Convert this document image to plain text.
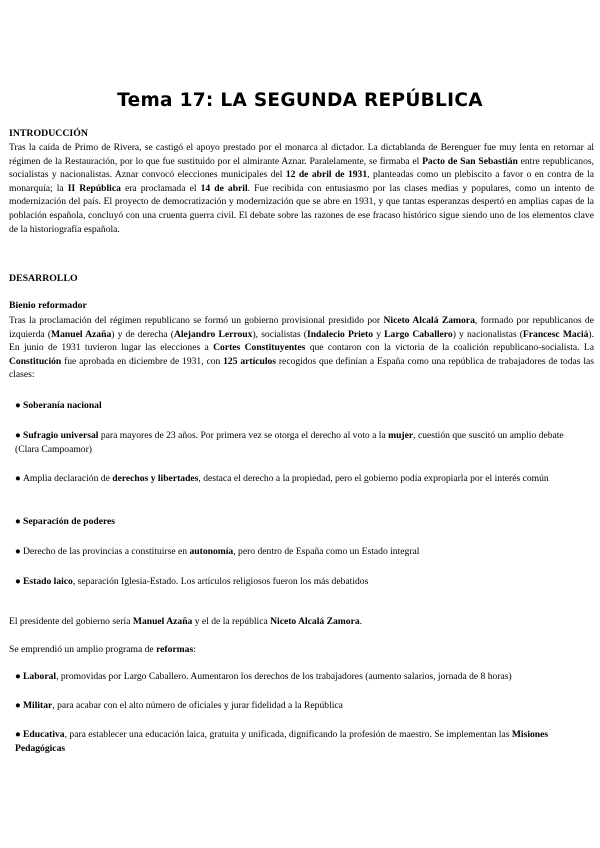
Tema 17: LA SEGUNDA REPÚBLICA
INTRODUCCIÓN

Tras la caída de Primo de Rivera, se castigó el apoyo prestado por el monarca al dictador. La dictablanda de Berenguer fue muy lenta en retornar al régimen de la Restauración, por lo que fue sustituido por el almirante Aznar. Paralelamente, se firmaba el Pacto de San Sebastián entre republicanos, socialistas y nacionalistas. Aznar convocó elecciones municipales del 12 de abril de 1931, planteadas como un plebiscito a favor o en contra de la monarquía; la II República era proclamada el 14 de abril. Fue recibida con entusiasmo por las clases medias y populares, como un intento de modernización del país. El proyecto de democratización y modernización que se abre en 1931, y que tantas esperanzas despertó en amplias capas de la población española, concluyó con una cruenta guerra civil. El debate sobre las razones de ese fracaso histórico sigue siendo uno de los elementos clave de la historiografía española.

DESARROLLO
Bienio reformador

Tras la proclamación del régimen republicano se formó un gobierno provisional presidido por Niceto Alcalá Zamora, formado por republicanos de izquierda (Manuel Azaña) y de derecha (Alejandro Lerroux), socialistas (Indalecio Prieto y Largo Caballero) y nacionalistas (Francesc Maciá). En junio de 1931 tuvieron lugar las elecciones a Cortes Constituyentes que contaron con la victoria de la coalición republicano-socialista. La Constitución fue aprobada en diciembre de 1931, con 125 artículos recogidos que definían a España como una república de trabajadores de todas las clases:

● Soberanía nacional

● Sufragio universal para mayores de 23 años. Por primera vez se otorga el derecho al voto a la mujer, cuestión que suscitó un amplio debate (Clara Campoamor)

● Amplia declaración de derechos y libertades, destaca el derecho a la propiedad, pero el gobierno podía expropiarla por el interés común

● Separación de poderes

● Derecho de las provincias a constituirse en autonomía, pero dentro de España como un Estado integral

● Estado laico, separación Iglesia-Estado. Los artículos religiosos fueron los más debatidos

El presidente del gobierno sería Manuel Azaña y el de la república Niceto Alcalá Zamora.
Se emprendió un amplio programa de reformas:

● Laboral, promovidas por Largo Caballero. Aumentaron los derechos de los trabajadores (aumento salarios, jornada de 8 horas)

● Militar, para acabar con el alto número de oficiales y jurar fidelidad a la República

● Educativa, para establecer una educación laica, gratuita y unificada, dignificando la profesión de maestro. Se implementan las Misiones Pedagógicas
